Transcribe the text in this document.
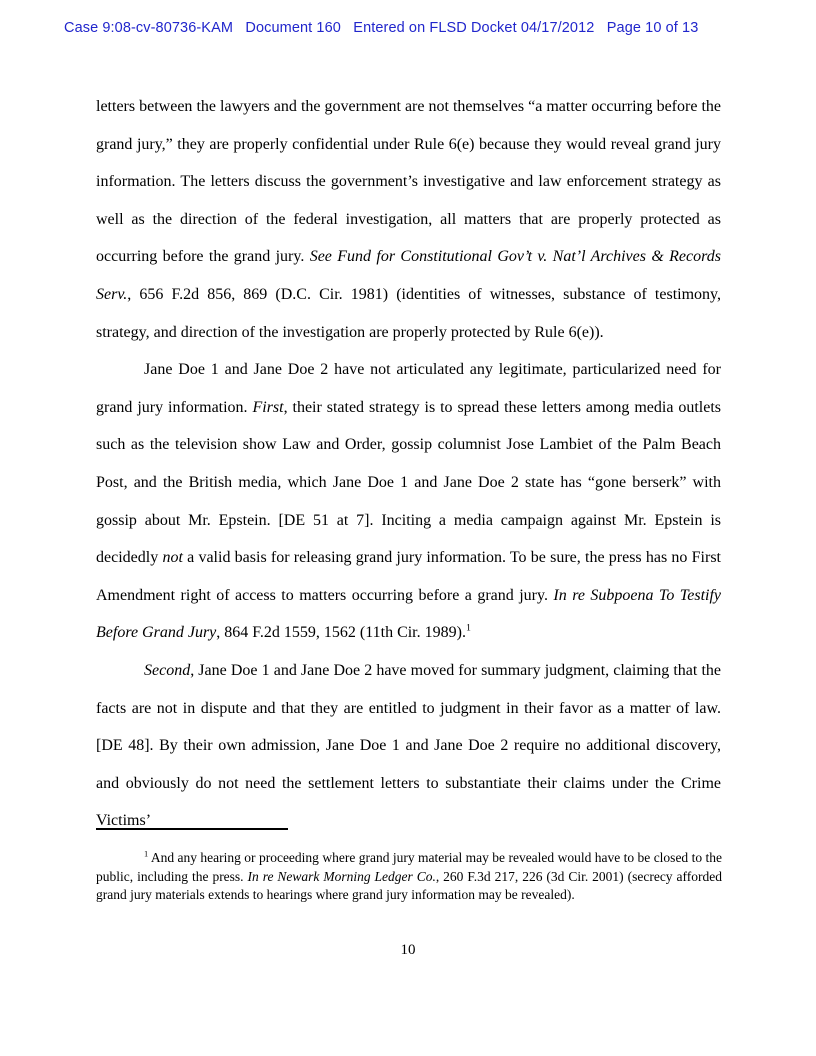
Case 9:08-cv-80736-KAM   Document 160   Entered on FLSD Docket 04/17/2012   Page 10 of 13

letters between the lawyers and the government are not themselves “a matter occurring before the grand jury,” they are properly confidential under Rule 6(e) because they would reveal grand jury information. The letters discuss the government’s investigative and law enforcement strategy as well as the direction of the federal investigation, all matters that are properly protected as occurring before the grand jury. See Fund for Constitutional Gov’t v. Nat’l Archives & Records Serv., 656 F.2d 856, 869 (D.C. Cir. 1981) (identities of witnesses, substance of testimony, strategy, and direction of the investigation are properly protected by Rule 6(e)).

Jane Doe 1 and Jane Doe 2 have not articulated any legitimate, particularized need for grand jury information. First, their stated strategy is to spread these letters among media outlets such as the television show Law and Order, gossip columnist Jose Lambiet of the Palm Beach Post, and the British media, which Jane Doe 1 and Jane Doe 2 state has “gone berserk” with gossip about Mr. Epstein. [DE 51 at 7]. Inciting a media campaign against Mr. Epstein is decidedly not a valid basis for releasing grand jury information. To be sure, the press has no First Amendment right of access to matters occurring before a grand jury. In re Subpoena To Testify Before Grand Jury, 864 F.2d 1559, 1562 (11th Cir. 1989).$^1$

Second, Jane Doe 1 and Jane Doe 2 have moved for summary judgment, claiming that the facts are not in dispute and that they are entitled to judgment in their favor as a matter of law. [DE 48]. By their own admission, Jane Doe 1 and Jane Doe 2 require no additional discovery, and obviously do not need the settlement letters to substantiate their claims under the Crime Victims’

$^1$ And any hearing or proceeding where grand jury material may be revealed would have to be closed to the public, including the press. In re Newark Morning Ledger Co., 260 F.3d 217, 226 (3d Cir. 2001) (secrecy afforded grand jury materials extends to hearings where grand jury information may be revealed).

10
